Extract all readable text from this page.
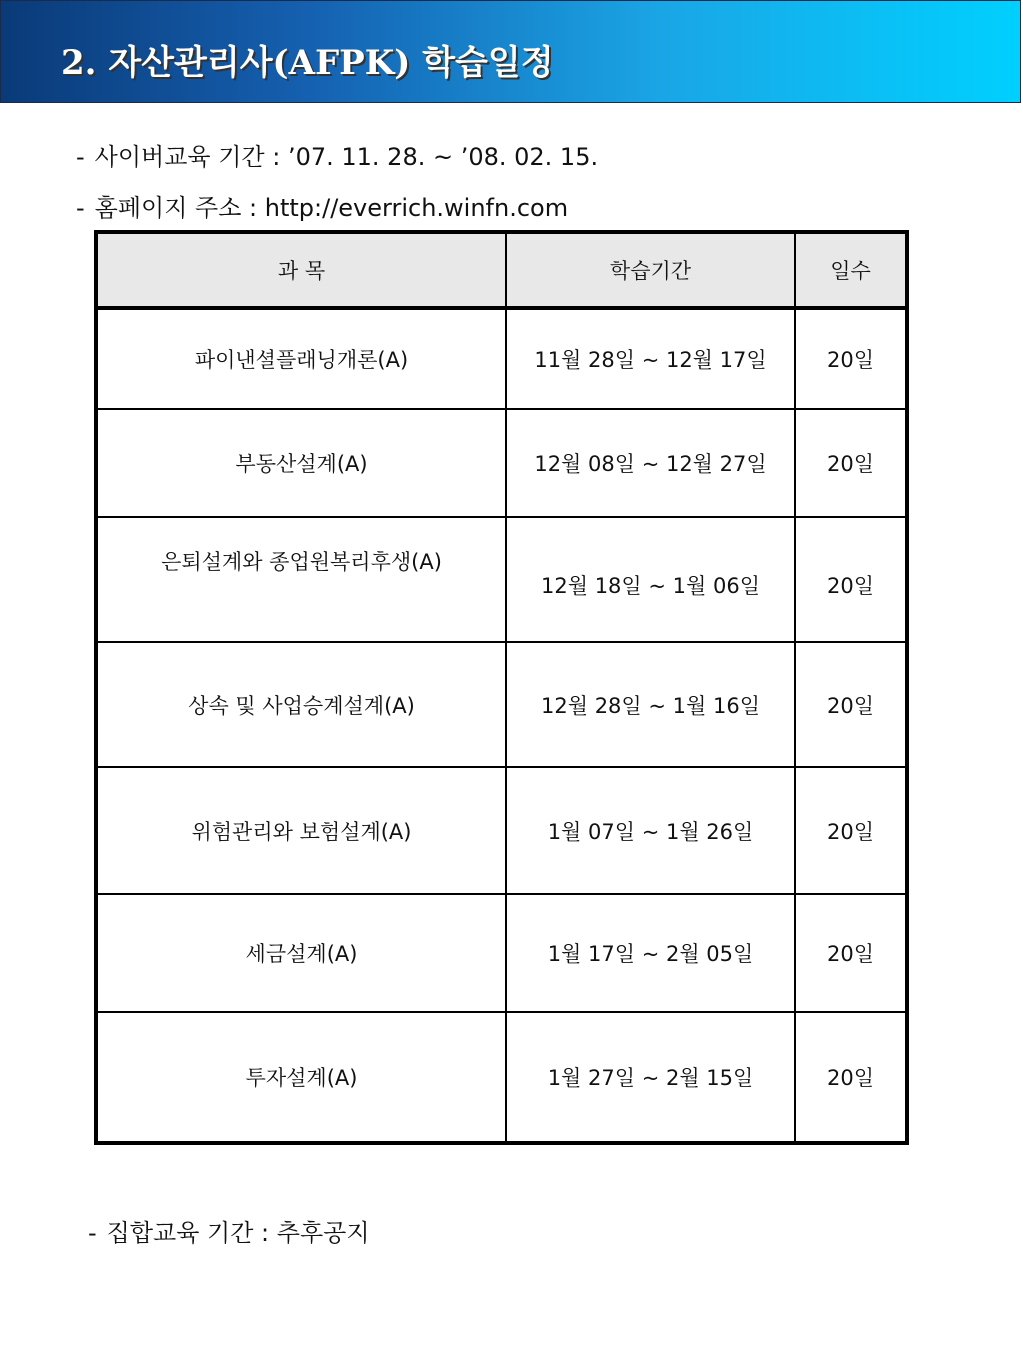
2. 자산관리사(AFPK) 학습일정
- 사이버교육 기간 : ’07. 11. 28. ~ ’08. 02. 15.
- 홈페이지 주소 : http://everrich.winfn.com
과 목	학습기간	일수
파이낸셜플래닝개론(A)	11월 28일 ~ 12월 17일	20일
부동산설계(A)	12월 08일 ~ 12월 27일	20일
은퇴설계와 종업원복리후생(A)	12월 18일 ~ 1월 06일	20일
상속 및 사업승계설계(A)	12월 28일 ~ 1월 16일	20일
위험관리와 보험설계(A)	1월 07일 ~ 1월 26일	20일
세금설계(A)	1월 17일 ~ 2월 05일	20일
투자설계(A)	1월 27일 ~ 2월 15일	20일
- 집합교육 기간 : 추후공지
